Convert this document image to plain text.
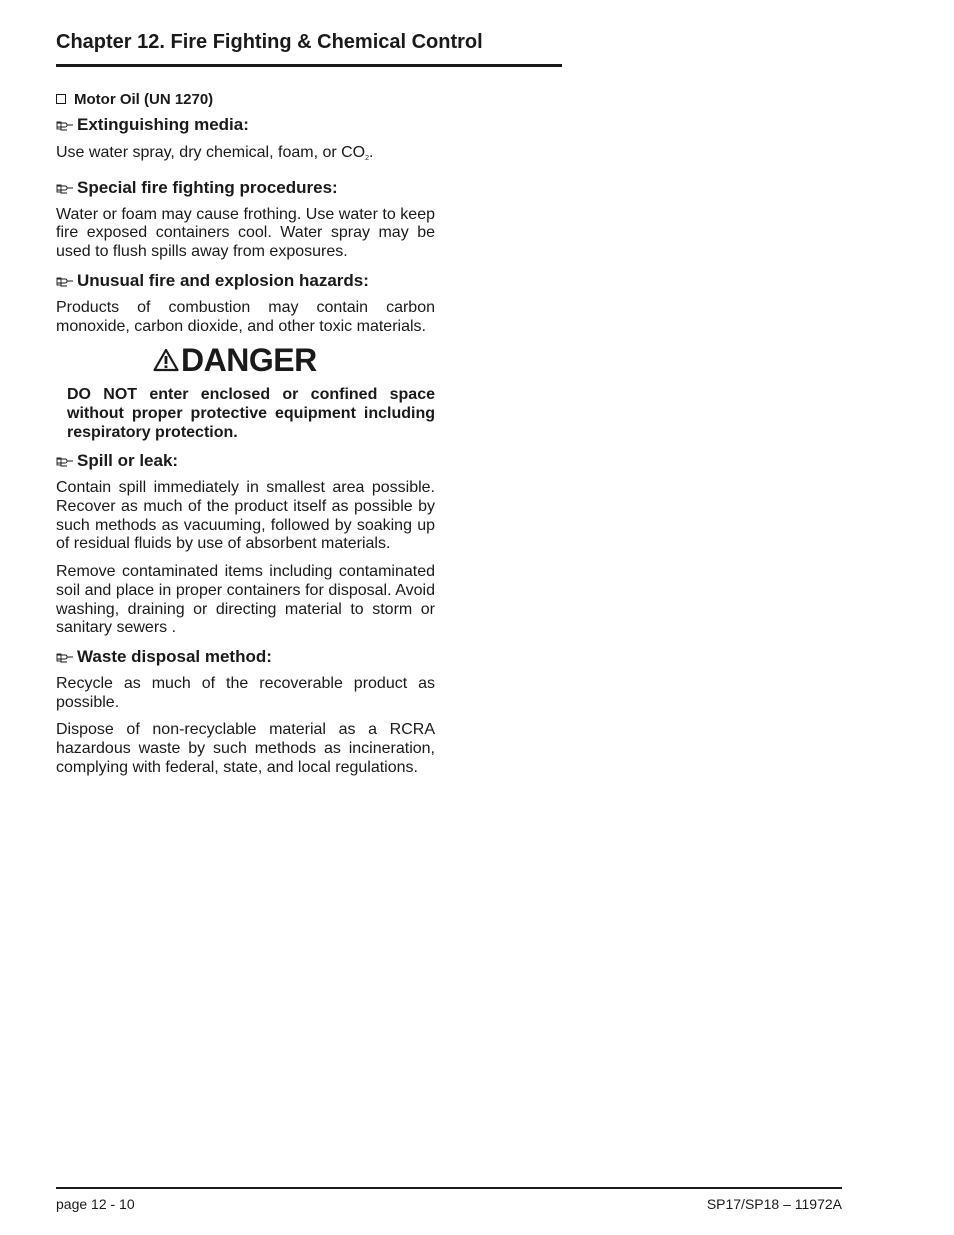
Chapter 12. Fire Fighting & Chemical Control
Motor Oil (UN 1270)
Extinguishing media:

Use water spray, dry chemical, foam, or $CO_2$.

Special fire fighting procedures:

Water or foam may cause frothing. Use water to keep fire exposed containers cool. Water spray may be used to flush spills away from exposures.

Unusual fire and explosion hazards:

Products of combustion may contain carbon monoxide, carbon dioxide, and other toxic materials.

DANGER

DO NOT enter enclosed or confined space without proper protective equipment including respiratory protection.

Spill or leak:

Contain spill immediately in smallest area possible. Recover as much of the product itself as possible by such methods as vacuuming, followed by soaking up of residual fluids by use of absorbent materials.

Remove contaminated items including contaminated soil and place in proper containers for disposal. Avoid washing, draining or directing material to storm or sanitary sewers .

Waste disposal method:

Recycle as much of the recoverable product as possible.

Dispose of non-recyclable material as a RCRA hazardous waste by such methods as incineration, complying with federal, state, and local regulations.

page 12 - 10	SP17/SP18 – 11972A
